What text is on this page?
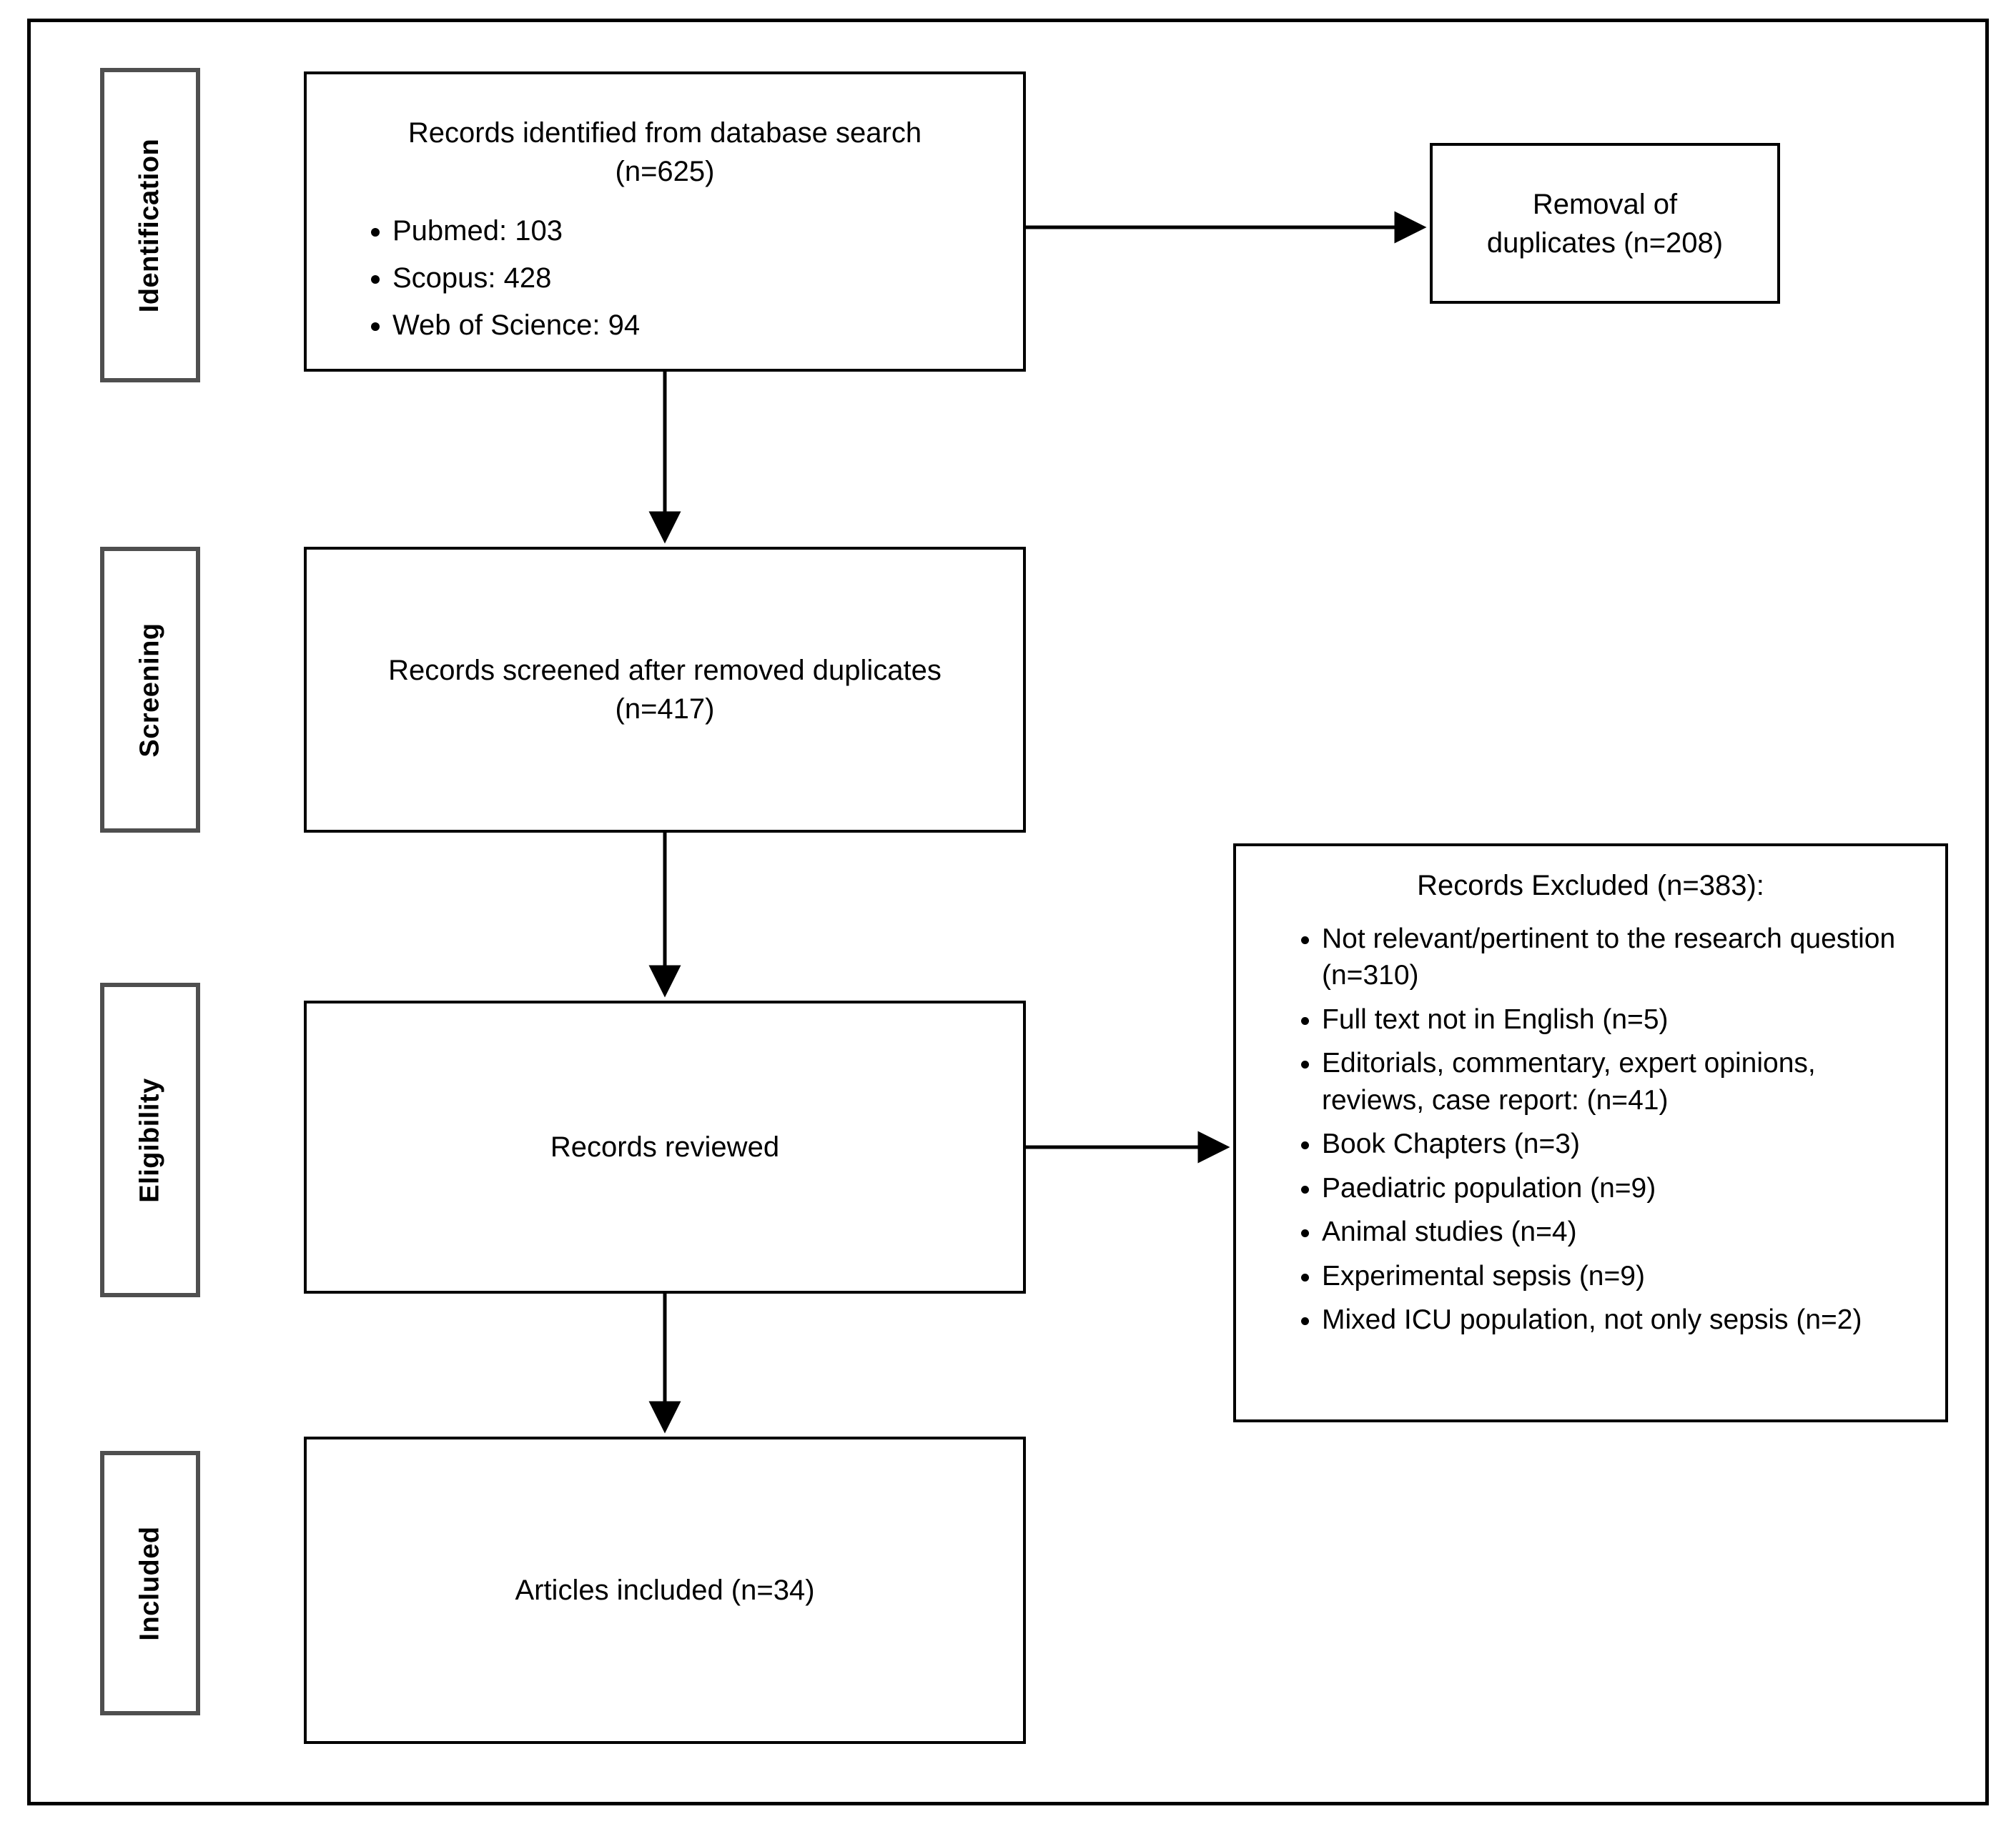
Identification
Screening
Eligibility
Included
Records identified from database search
(n=625)
• Pubmed: 103
• Scopus: 428
• Web of Science: 94
Removal of
duplicates (n=208)
Records screened after removed duplicates
(n=417)
Records reviewed
Records Excluded (n=383):
• Not relevant/pertinent to the research question (n=310)
• Full text not in English (n=5)
• Editorials, commentary, expert opinions, reviews, case report: (n=41)
• Book Chapters (n=3)
• Paediatric population (n=9)
• Animal studies (n=4)
• Experimental sepsis (n=9)
• Mixed ICU population, not only sepsis (n=2)
Articles included (n=34)
